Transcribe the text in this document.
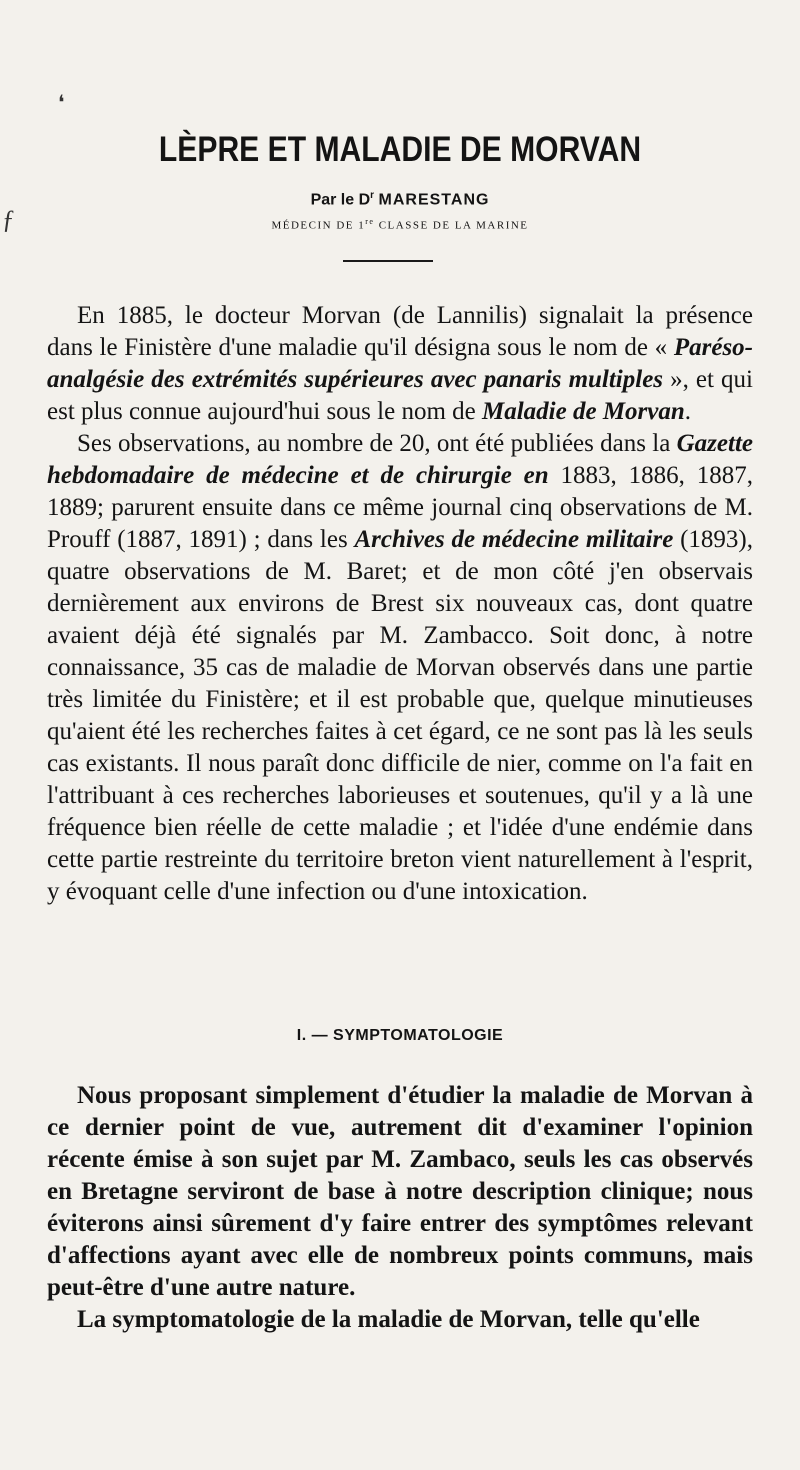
❛
ƒ
LÈPRE ET MALADIE DE MORVAN
Par le $D^r$ MARESTANG
MÉDECIN DE 1re CLASSE DE LA MARINE

En 1885, le docteur Morvan (de Lannilis) signalait la présence dans le Finistère d'une maladie qu'il désigna sous le nom de « Parésо-analgésie des extrémités supérieures avec panaris multiples », et qui est plus connue aujourd'hui sous le nom de Maladie de Morvan.

Ses observations, au nombre de 20, ont été publiées dans la Gazette hebdomadaire de médecine et de chirurgie en 1883, 1886, 1887, 1889; parurent ensuite dans ce même journal cinq observations de M. Prouff (1887, 1891) ; dans les Archives de médecine militaire (1893), quatre observations de M. Baret; et de mon côté j'en observais dernièrement aux environs de Brest six nouveaux cas, dont quatre avaient déjà été signalés par M. Zambacco. Soit donc, à notre connaissance, 35 cas de maladie de Morvan observés dans une partie très limitée du Finistère; et il est probable que, quelque minutieuses qu'aient été les recherches faites à cet égard, ce ne sont pas là les seuls cas existants. Il nous paraît donc difficile de nier, comme on l'a fait en l'attribuant à ces recherches laborieuses et soutenues, qu'il y a là une fréquence bien réelle de cette maladie ; et l'idée d'une endémie dans cette partie restreinte du territoire breton vient naturellement à l'esprit, y évoquant celle d'une infection ou d'une intoxication.

I. — SYMPTOMATOLOGIE

Nous proposant simplement d'étudier la maladie de Morvan à ce dernier point de vue, autrement dit d'examiner l'opinion récente émise à son sujet par M. Zambaco, seuls les cas observés en Bretagne serviront de base à notre description clinique; nous éviterons ainsi sûrement d'y faire entrer des symptômes relevant d'affections ayant avec elle de nombreux points communs, mais peut-être d'une autre nature.

La symptomatologie de la maladie de Morvan, telle qu'elle
